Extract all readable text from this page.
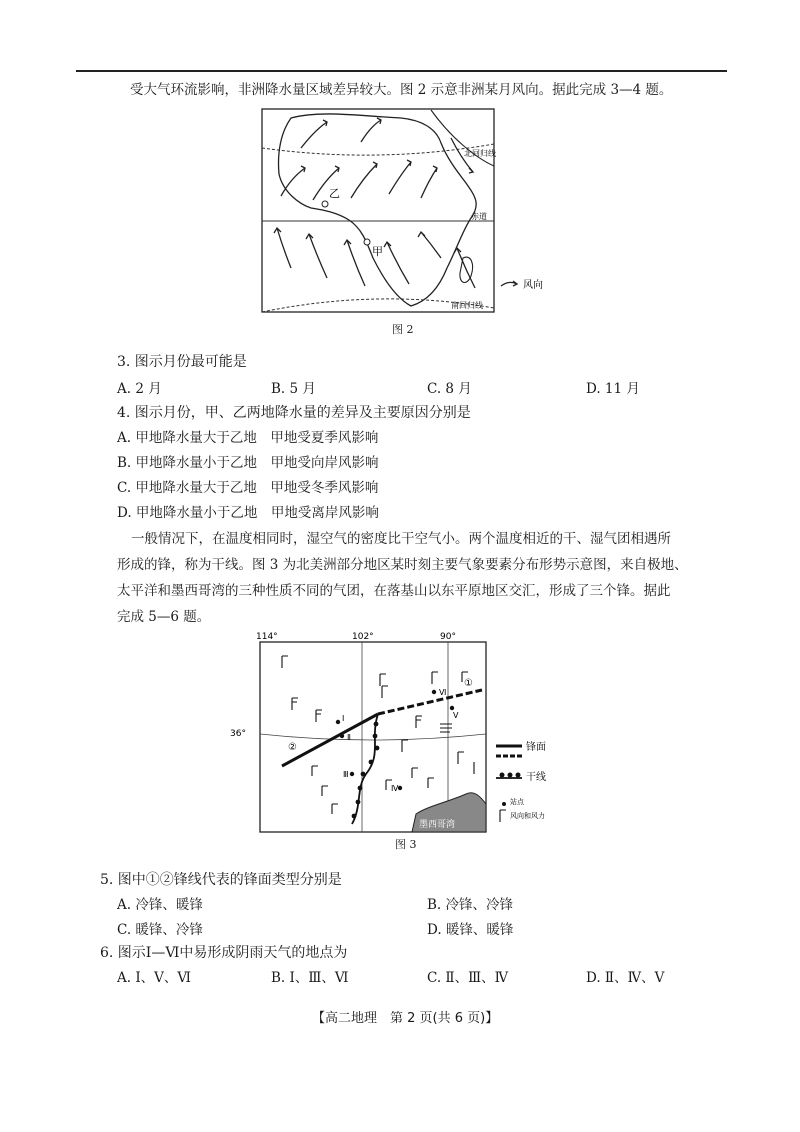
受大气环流影响，非洲降水量区域差异较大。图 2 示意非洲某月风向。据此完成 3—4 题。
乙
甲
北回归线
赤道
南回归线
风向
图 2
3. 图示月份最可能是
A. 2 月	B. 5 月	C. 8 月	D. 11 月
4. 图示月份，甲、乙两地降水量的差异及主要原因分别是
A. 甲地降水量大于乙地　甲地受夏季风影响
B. 甲地降水量小于乙地　甲地受向岸风影响
C. 甲地降水量大于乙地　甲地受冬季风影响
D. 甲地降水量小于乙地　甲地受离岸风影响
一般情况下，在温度相同时，湿空气的密度比干空气小。两个温度相近的干、湿气团相遇所
形成的锋，称为干线。图 3 为北美洲部分地区某时刻主要气象要素分布形势示意图，来自极地、
太平洋和墨西哥湾的三种性质不同的气团，在落基山以东平原地区交汇，形成了三个锋。据此
完成 5—6 题。
114°	102°	90°
36°
墨西哥湾
②
①
Ⅰ
Ⅱ
Ⅲ
Ⅳ
Ⅴ
Ⅵ
锋面
干线
站点
风向和风力
图 3
5. 图中①②锋线代表的锋面类型分别是
A. 冷锋、暖锋	B. 冷锋、冷锋
C. 暖锋、冷锋	D. 暖锋、暖锋
6. 图示Ⅰ—Ⅵ中易形成阴雨天气的地点为
A. Ⅰ、Ⅴ、Ⅵ	B. Ⅰ、Ⅲ、Ⅵ	C. Ⅱ、Ⅲ、Ⅳ	D. Ⅱ、Ⅳ、Ⅴ
【高二地理　第 2 页(共 6 页)】
